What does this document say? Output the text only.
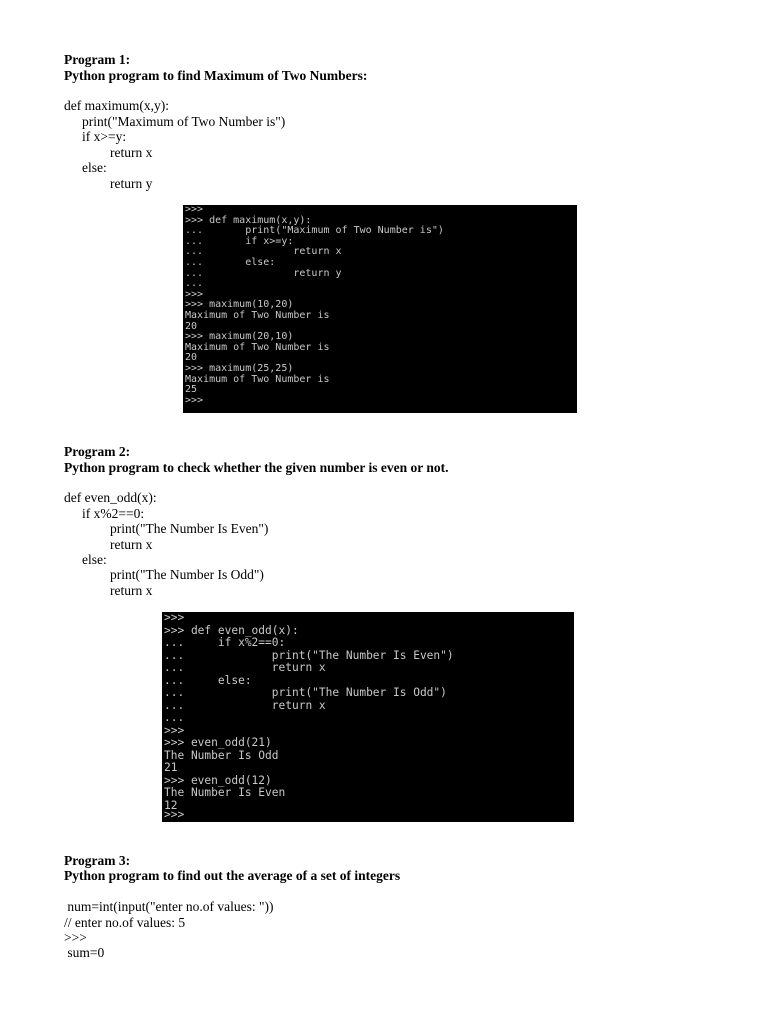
Program 1:
Python program to find Maximum of Two Numbers:
def maximum(x,y):
print("Maximum of Two Number is")
if x>=y:
return x
else:
return y
>>>
>>> def maximum(x,y):
...       print("Maximum of Two Number is")
...       if x>=y:
...               return x
...       else:
...               return y
...
>>>
>>> maximum(10,20)
Maximum of Two Number is
20
>>> maximum(20,10)
Maximum of Two Number is
20
>>> maximum(25,25)
Maximum of Two Number is
25
>>>
Program 2:
Python program to check whether the given number is even or not.
def even_odd(x):
if x%2==0:
print("The Number Is Even")
return x
else:
print("The Number Is Odd")
return x
>>>
>>> def even_odd(x):
...     if x%2==0:
...             print("The Number Is Even")
...             return x
...     else:
...             print("The Number Is Odd")
...             return x
...
>>>
>>> even_odd(21)
The Number Is Odd
21
>>> even_odd(12)
The Number Is Even
12
>>>
Program 3:
Python program to find out the average of a set of integers
num=int(input("enter no.of values: "))
// enter no.of values: 5
>>>
sum=0
